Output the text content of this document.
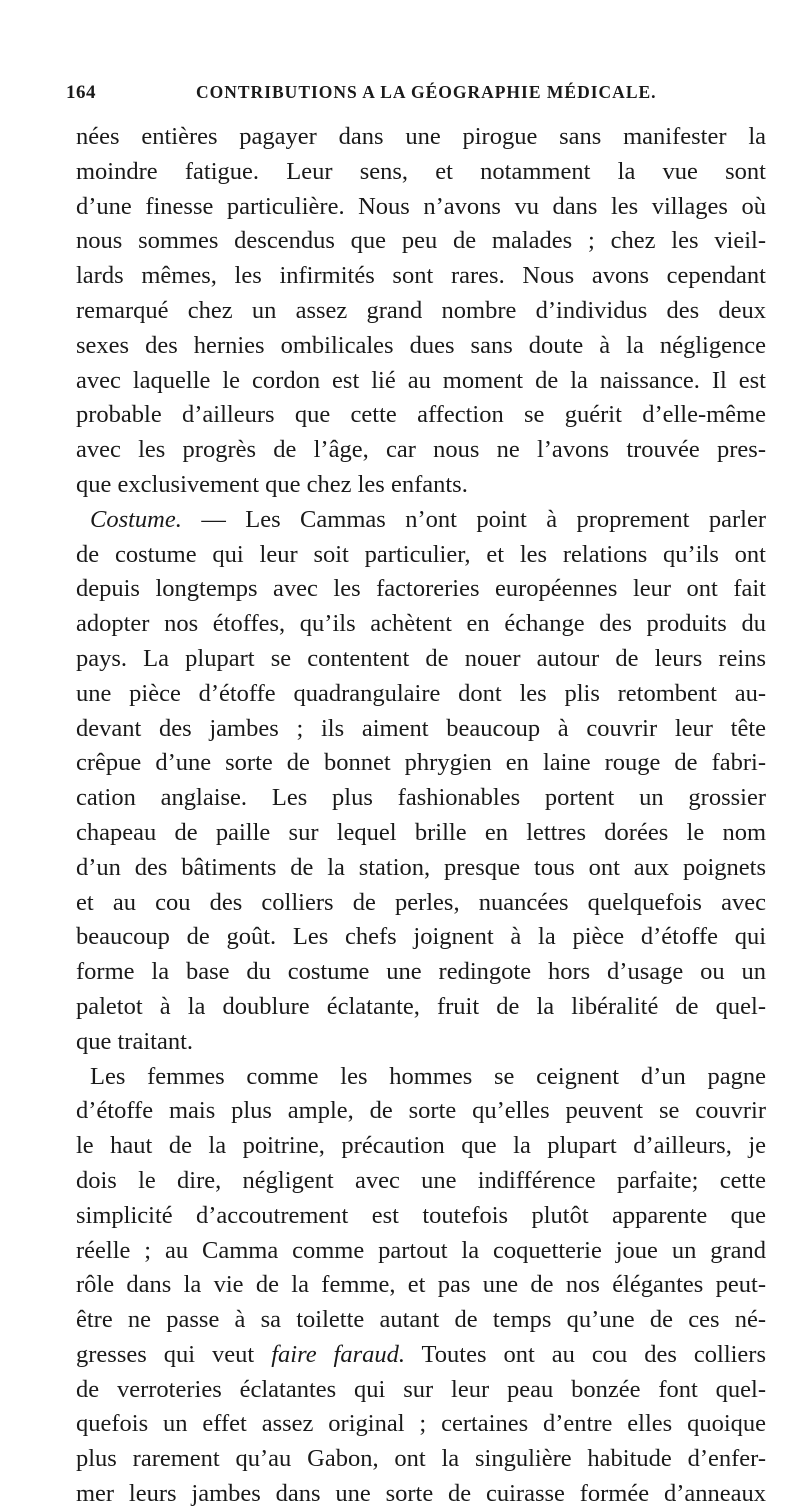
164	CONTRIBUTIONS A LA GÉOGRAPHIE MÉDICALE.
nées entières pagayer dans une pirogue sans manifester la
moindre fatigue. Leur sens, et notamment la vue sont
d’une finesse particulière. Nous n’avons vu dans les villages où
nous sommes descendus que peu de malades ; chez les vieil-
lards mêmes, les infirmités sont rares. Nous avons cependant
remarqué chez un assez grand nombre d’individus des deux
sexes des hernies ombilicales dues sans doute à la négligence
avec laquelle le cordon est lié au moment de la naissance. Il est
probable d’ailleurs que cette affection se guérit d’elle-même
avec les progrès de l’âge, car nous ne l’avons trouvée pres-
que exclusivement que chez les enfants.
Costume. — Les Cammas n’ont point à proprement parler
de costume qui leur soit particulier, et les relations qu’ils ont
depuis longtemps avec les factoreries européennes leur ont fait
adopter nos étoffes, qu’ils achètent en échange des produits du
pays. La plupart se contentent de nouer autour de leurs reins
une pièce d’étoffe quadrangulaire dont les plis retombent au-
devant des jambes ; ils aiment beaucoup à couvrir leur tête
crêpue d’une sorte de bonnet phrygien en laine rouge de fabri-
cation anglaise. Les plus fashionables portent un grossier
chapeau de paille sur lequel brille en lettres dorées le nom
d’un des bâtiments de la station, presque tous ont aux poignets
et au cou des colliers de perles, nuancées quelquefois avec
beaucoup de goût. Les chefs joignent à la pièce d’étoffe qui
forme la base du costume une redingote hors d’usage ou un
paletot à la doublure éclatante, fruit de la libéralité de quel-
que traitant.
Les femmes comme les hommes se ceignent d’un pagne
d’étoffe mais plus ample, de sorte qu’elles peuvent se couvrir
le haut de la poitrine, précaution que la plupart d’ailleurs, je
dois le dire, négligent avec une indifférence parfaite; cette
simplicité d’accoutrement est toutefois plutôt apparente que
réelle ; au Camma comme partout la coquetterie joue un grand
rôle dans la vie de la femme, et pas une de nos élégantes peut-
être ne passe à sa toilette autant de temps qu’une de ces né-
gresses qui veut faire faraud. Toutes ont au cou des colliers
de verroteries éclatantes qui sur leur peau bonzée font quel-
quefois un effet assez original ; certaines d’entre elles quoique
plus rarement qu’au Gabon, ont la singulière habitude d’enfer-
mer leurs jambes dans une sorte de cuirasse formée d’anneaux
